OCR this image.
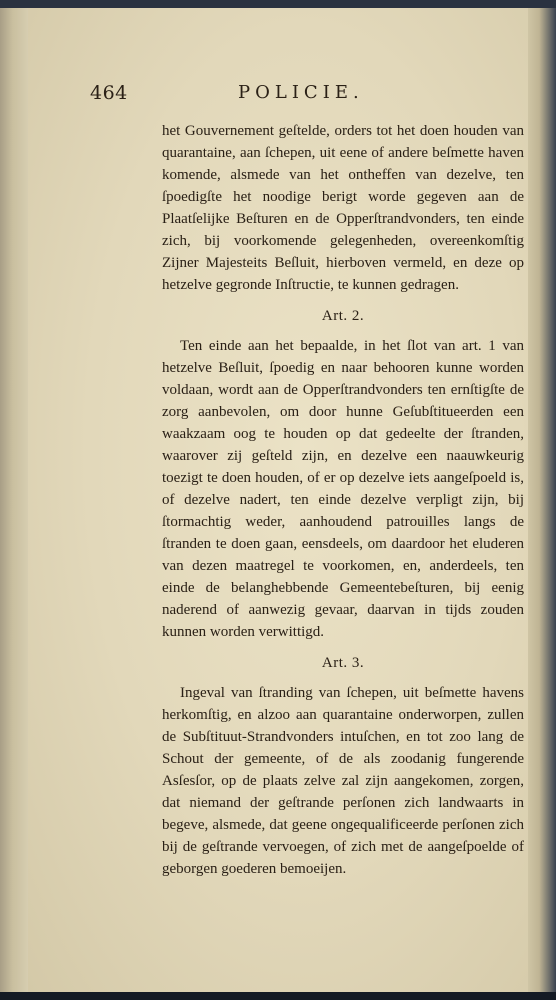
464	POLICIE.

het Gouvernement geſtelde, orders tot het doen houden van quarantaine, aan ſchepen, uit eene of andere beſmette haven komende, alsmede van het ontheffen van dezelve, ten ſpoedigſte het noodige berigt worde gegeven aan de Plaatſelijke Beſturen en de Opperſtrandvonders, ten einde zich, bij voorkomende gelegenheden, overeenkomſtig Zijner Majesteits Beſluit, hierboven vermeld, en deze op hetzelve gegronde Inſtructie, te kunnen gedragen.

Art. 2.

Ten einde aan het bepaalde, in het ſlot van art. 1 van hetzelve Beſluit, ſpoedig en naar behooren kunne worden voldaan, wordt aan de Opperſtrandvonders ten ernſtigſte de zorg aanbevolen, om door hunne Geſubſtitueerden een waakzaam oog te houden op dat gedeelte der ſtranden, waarover zij geſteld zijn, en dezelve een naauwkeurig toezigt te doen houden, of er op dezelve iets aangeſpoeld is, of dezelve nadert, ten einde dezelve verpligt zijn, bij ſtormachtig weder, aanhoudend patrouilles langs de ſtranden te doen gaan, eensdeels, om daardoor het eluderen van dezen maatregel te voorkomen, en, anderdeels, ten einde de belanghebbende Gemeentebeſturen, bij eenig naderend of aanwezig gevaar, daarvan in tijds zouden kunnen worden verwittigd.

Art. 3.

Ingeval van ſtranding van ſchepen, uit beſmette havens herkomſtig, en alzoo aan quarantaine onderworpen, zullen de Subſtituut-Strandvonders intuſchen, en tot zoo lang de Schout der gemeente, of de als zoodanig fungerende Asſesſor, op de plaats zelve zal zijn aangekomen, zorgen, dat niemand der geſtrande perſonen zich landwaarts in begeve, alsmede, dat geene ongequalificeerde perſonen zich bij de geſtrande vervoegen, of zich met de aangeſpoelde of geborgen goederen bemoeijen.
